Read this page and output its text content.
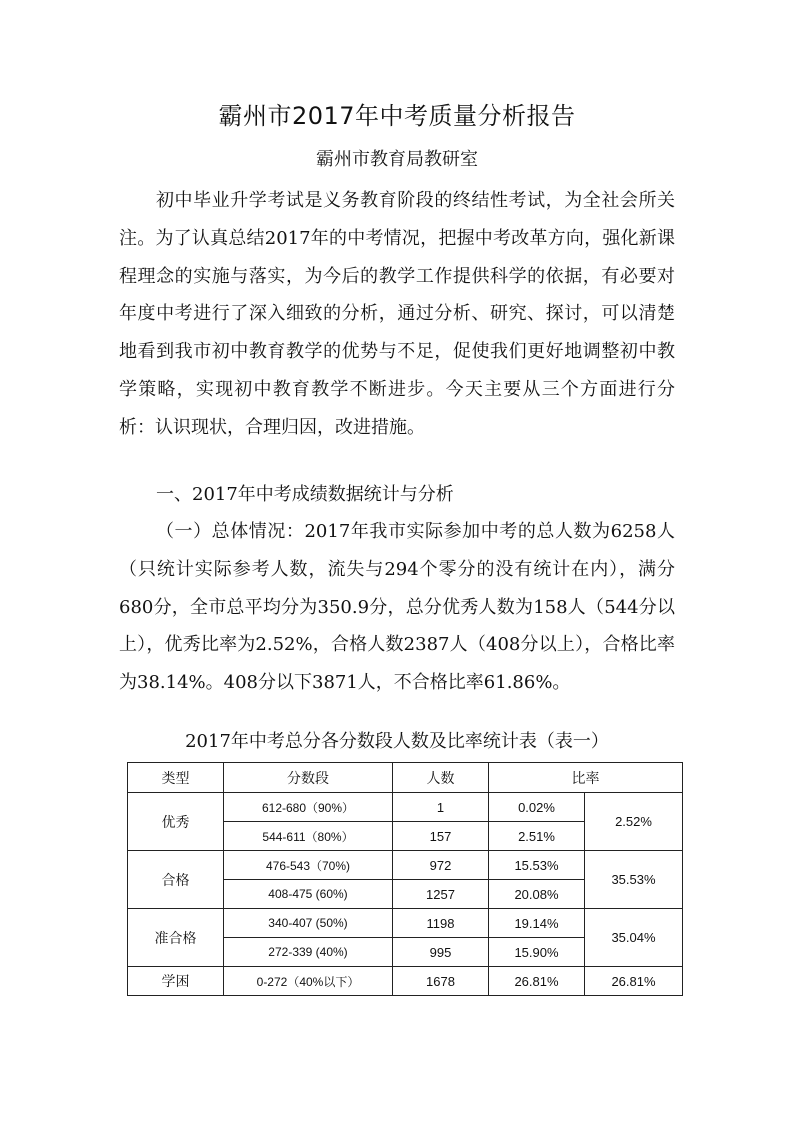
霸州市2017年中考质量分析报告
霸州市教育局教研室
初中毕业升学考试是义务教育阶段的终结性考试，为全社会所关注。为了认真总结2017年的中考情况，把握中考改革方向，强化新课程理念的实施与落实，为今后的教学工作提供科学的依据，有必要对年度中考进行了深入细致的分析，通过分析、研究、探讨，可以清楚地看到我市初中教育教学的优势与不足，促使我们更好地调整初中教学策略，实现初中教育教学不断进步。今天主要从三个方面进行分析：认识现状，合理归因，改进措施。
一、2017年中考成绩数据统计与分析
（一）总体情况：2017年我市实际参加中考的总人数为6258人（只统计实际参考人数，流失与294个零分的没有统计在内），满分680分，全市总平均分为350.9分，总分优秀人数为158人（544分以上），优秀比率为2.52%，合格人数2387人（408分以上），合格比率为38.14%。408分以下3871人，不合格比率61.86%。
2017年中考总分各分数段人数及比率统计表（表一）
类型	分数段	人数	比率	
优秀	612-680（90%）	1	0.02%	2.52%
	544-611（80%）	157	2.51%	
合格	476-543（70%)	972	15.53%	35.53%
	408-475 (60%)	1257	20.08%	
准合格	340-407 (50%)	1198	19.14%	35.04%
	272-339 (40%)	995	15.90%	
学困	0-272（40%以下）	1678	26.81%	26.81%
